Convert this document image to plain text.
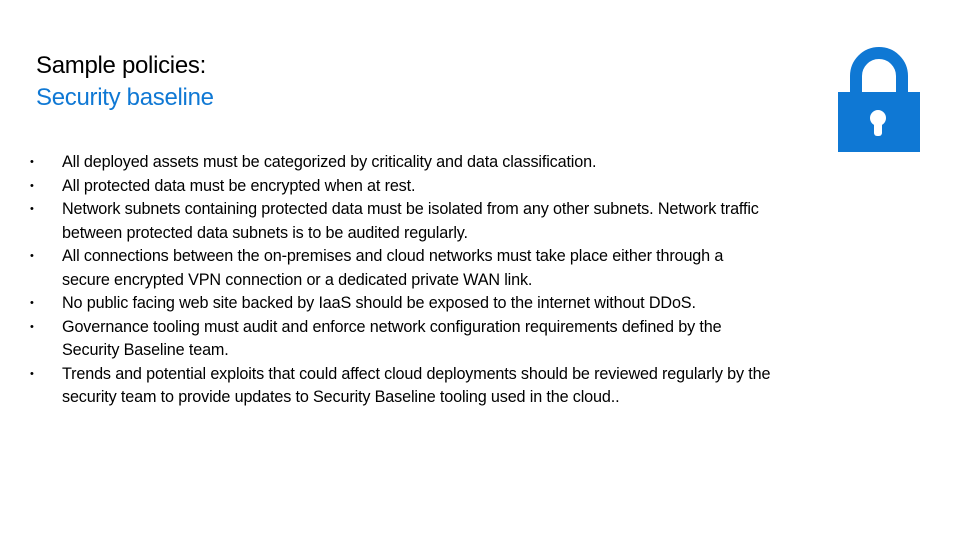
Sample policies:
Security baseline
• All deployed assets must be categorized by criticality and data classification.
• All protected data must be encrypted when at rest.
• Network subnets containing protected data must be isolated from any other subnets. Network traffic between protected data subnets is to be audited regularly.
• All connections between the on-premises and cloud networks must take place either through a secure encrypted VPN connection or a dedicated private WAN link.
• No public facing web site backed by IaaS should be exposed to the internet without DDoS.
• Governance tooling must audit and enforce network configuration requirements defined by the Security Baseline team.
• Trends and potential exploits that could affect cloud deployments should be reviewed regularly by the security team to provide updates to Security Baseline tooling used in the cloud..
